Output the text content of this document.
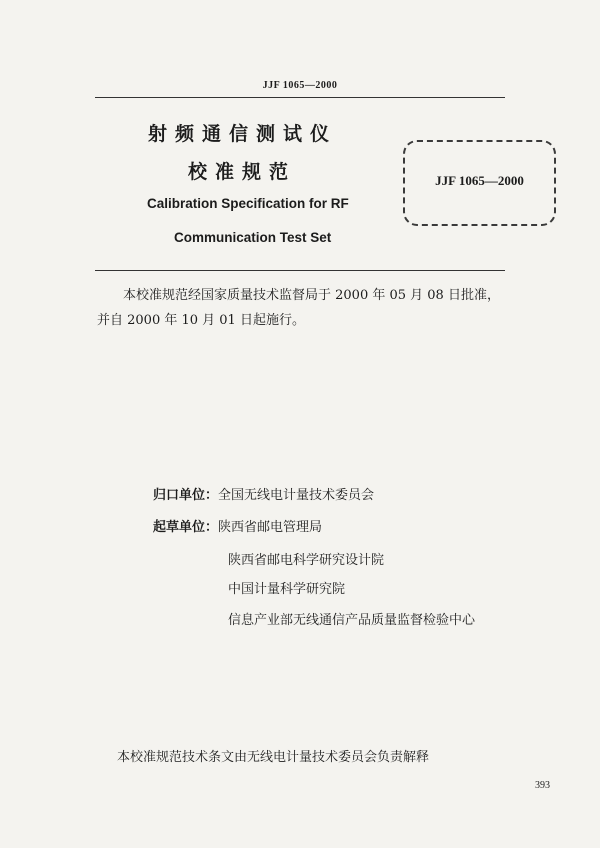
JJF 1065—2000
射频通信测试仪
校准规范
Calibration Specification for RF
Communication Test Set
JJF 1065—2000
本校准规范经国家质量技术监督局于 2000 年 05 月 08 日批准，并自 2000 年 10 月 01 日起施行。
归口单位：全国无线电计量技术委员会
起草单位：陕西省邮电管理局
陕西省邮电科学研究设计院
中国计量科学研究院
信息产业部无线通信产品质量监督检验中心
本校准规范技术条文由无线电计量技术委员会负责解释
393
